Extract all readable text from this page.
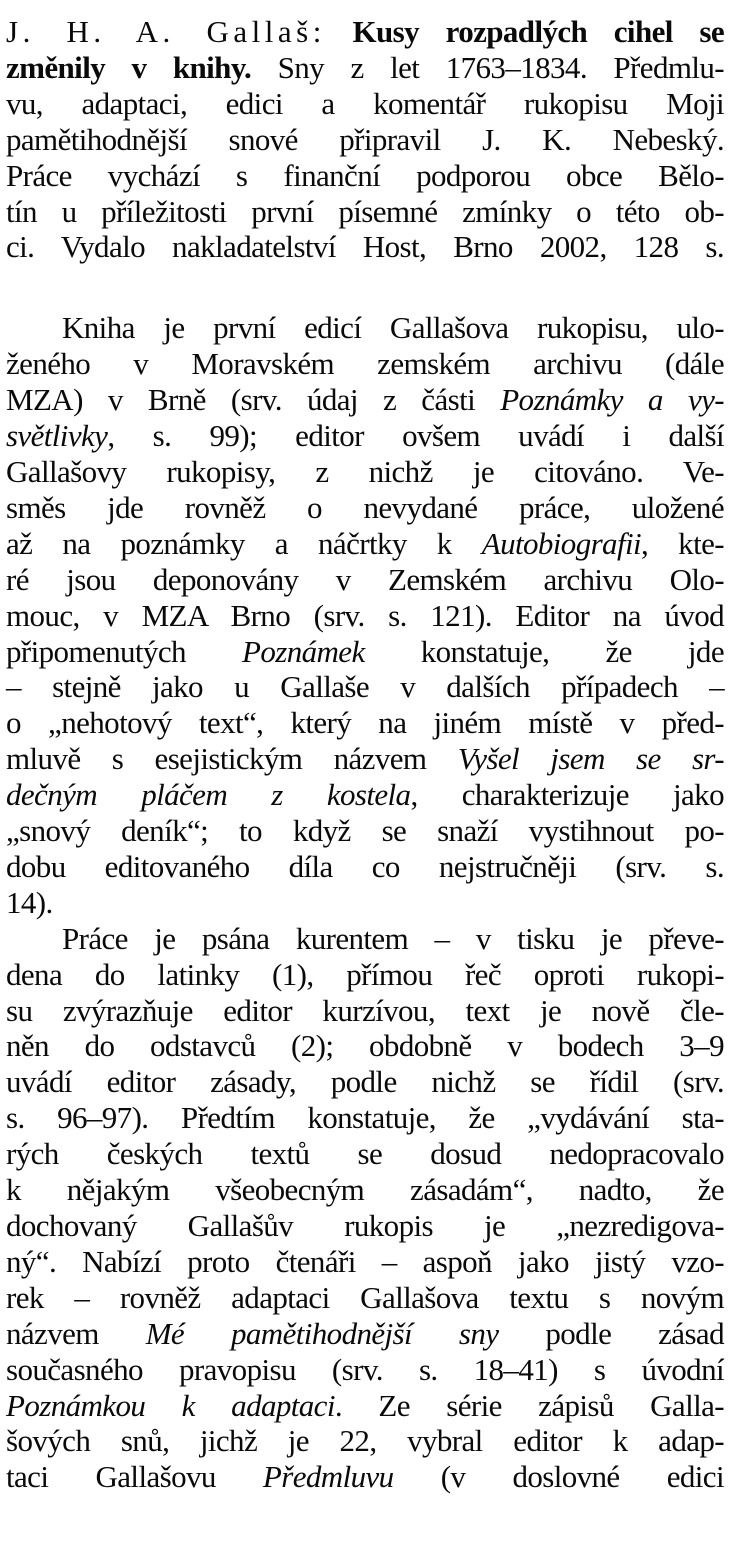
J. H. A. Gallaš: Kusy rozpadlých cihel se
změnily v knihy. Sny z let 1763–1834. Předmlu-
vu, adaptaci, edici a komentář rukopisu Moji
pamětihodnější snové připravil J. K. Nebeský.
Práce vychází s finanční podporou obce Bělo-
tín u příležitosti první písemné zmínky o této ob-
ci. Vydalo nakladatelství Host, Brno 2002, 128 s.
Kniha je první edicí Gallašova rukopisu, ulo-
ženého v Moravském zemském archivu (dále
MZA) v Brně (srv. údaj z části Poznámky a vy-
světlivky, s. 99); editor ovšem uvádí i další
Gallašovy rukopisy, z nichž je citováno. Ve-
směs jde rovněž o nevydané práce, uložené
až na poznámky a náčrtky k Autobiografii, kte-
ré jsou deponovány v Zemském archivu Olo-
mouc, v MZA Brno (srv. s. 121). Editor na úvod
připomenutých Poznámek konstatuje, že jde
– stejně jako u Gallaše v dalších případech –
o „nehotový text“, který na jiném místě v před-
mluvě s esejistickým názvem Vyšel jsem se sr-
dečným pláčem z kostela, charakterizuje jako
„snový deník“; to když se snaží vystihnout po-
dobu editovaného díla co nejstručněji (srv. s.
14).
Práce je psána kurentem – v tisku je převe-
dena do latinky (1), přímou řeč oproti rukopi-
su zvýrazňuje editor kurzívou, text je nově čle-
něn do odstavců (2); obdobně v bodech 3–9
uvádí editor zásady, podle nichž se řídil (srv.
s. 96–97). Předtím konstatuje, že „vydávání sta-
rých českých textů se dosud nedopracovalo
k nějakým všeobecným zásadám“, nadto, že
dochovaný Gallašův rukopis je „nezredigova-
ný“. Nabízí proto čtenáři – aspoň jako jistý vzo-
rek – rovněž adaptaci Gallašova textu s novým
názvem Mé pamětihodnější sny podle zásad
současného pravopisu (srv. s. 18–41) s úvodní
Poznámkou k adaptaci. Ze série zápisů Galla-
šových snů, jichž je 22, vybral editor k adap-
taci Gallašovu Předmluvu (v doslovné edici
